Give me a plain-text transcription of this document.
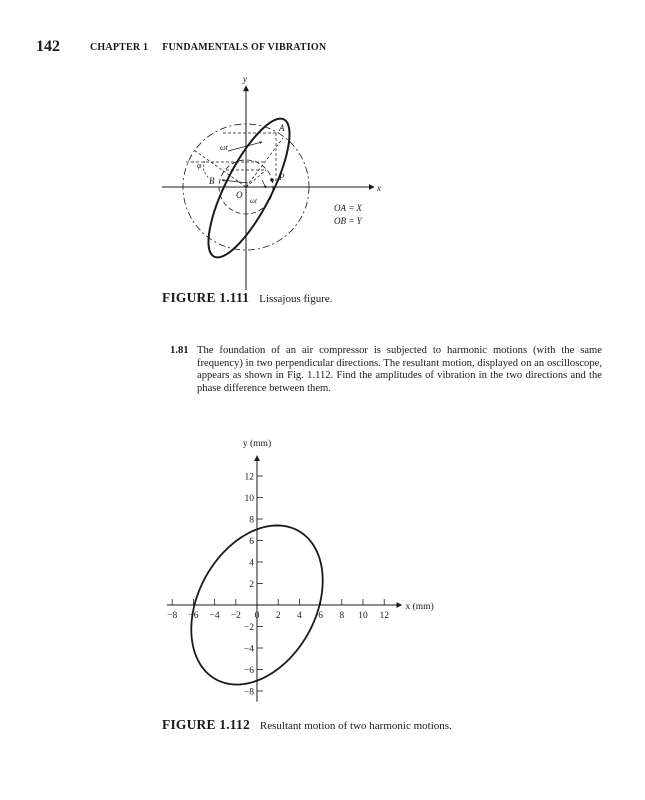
142	CHAPTER 1 FUNDAMENTALS OF VIBRATION
y
x
A
B
O
P
ωt
ωt
φ
OA = X
OB = Y
FIGURE 1.111 Lissajous figure.
1.81 The foundation of an air compressor is subjected to harmonic motions (with the same frequency) in two perpendicular directions. The resultant motion, displayed on an oscilloscope, appears as shown in Fig. 1.112. Find the amplitudes of vibration in the two directions and the phase difference between them.
−8 −6 −4 −2 0 2 4 6 8 10 12
−8
−6
−4
−2
2
4
6
8
10
12
x (mm)
y (mm)
FIGURE 1.112 Resultant motion of two harmonic motions.
